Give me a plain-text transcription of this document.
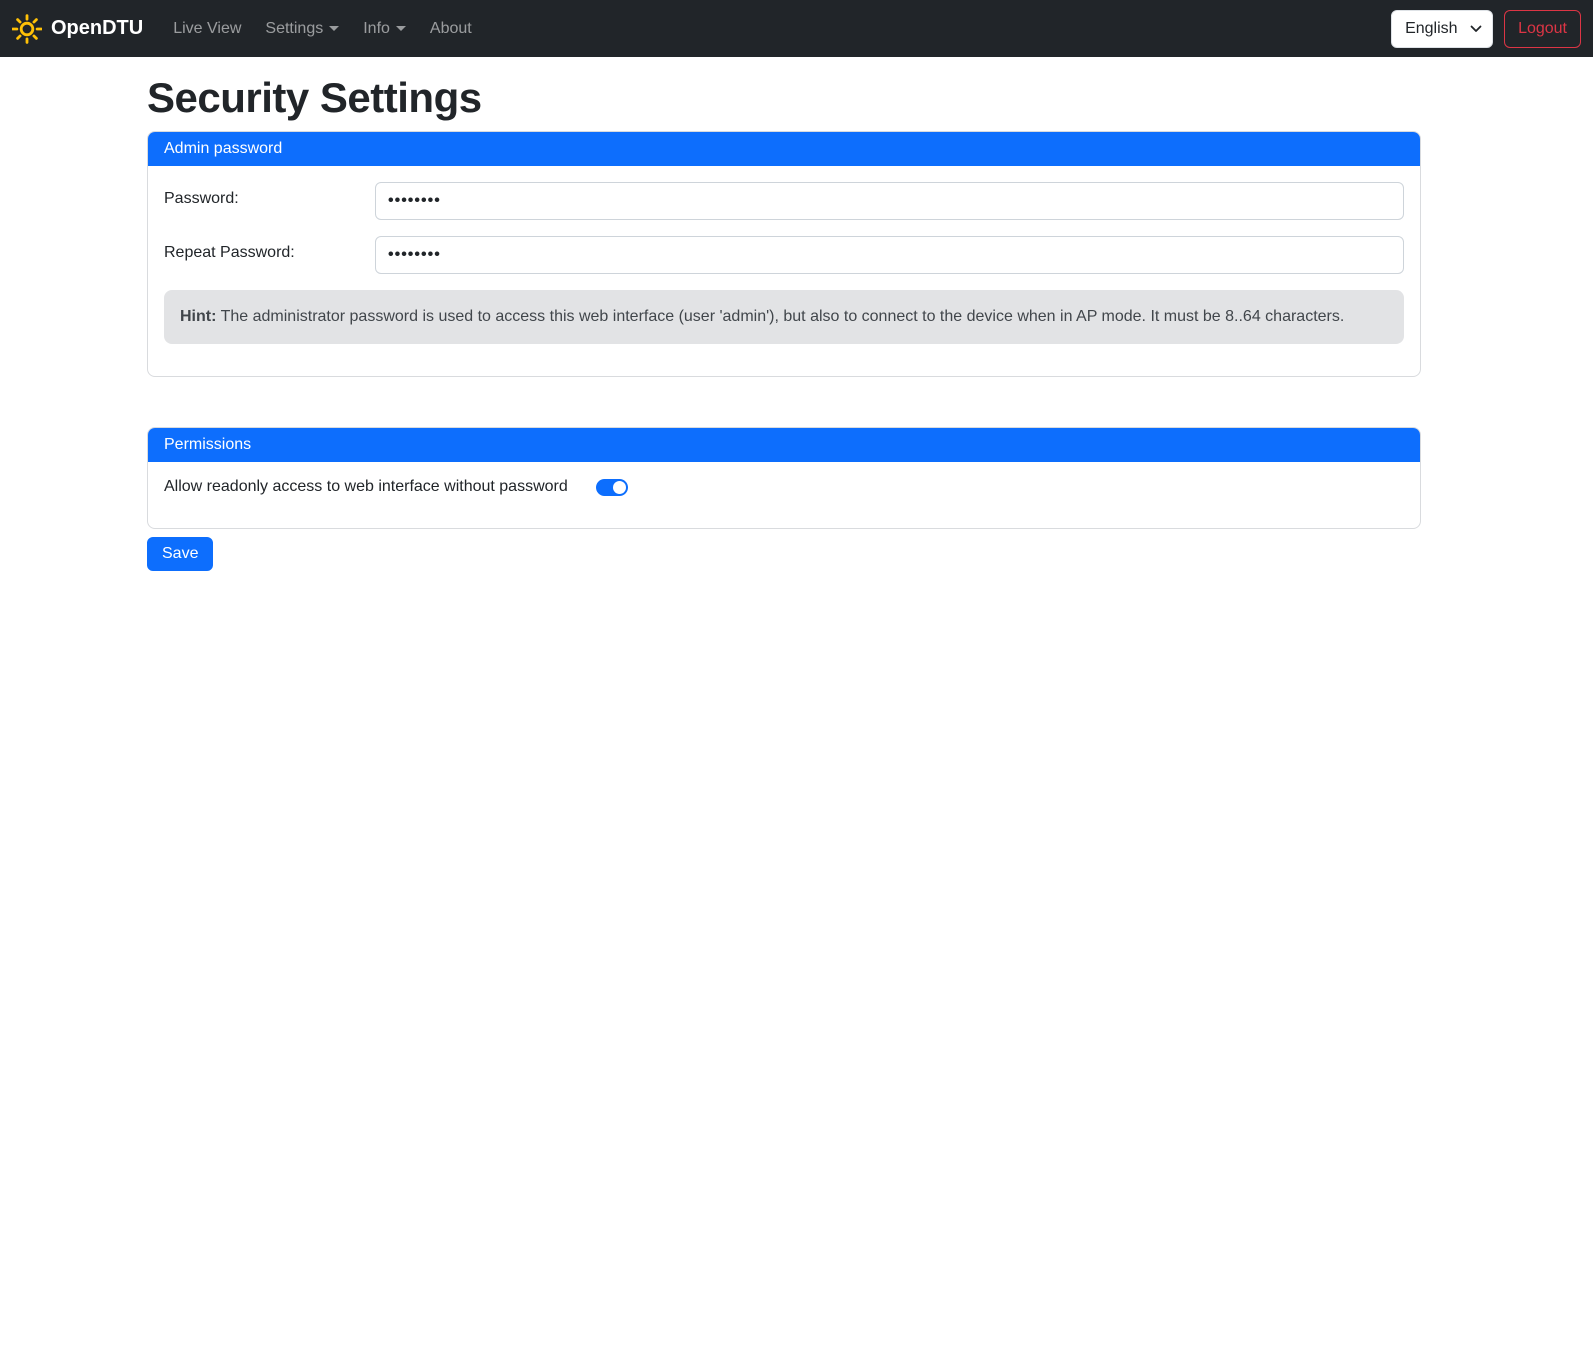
OpenDTU Live View Settings	Info	About
English	Logout
Security Settings
Admin password
Password:
••••••••
Repeat Password:
••••••••
Hint: The administrator password is used to access this web interface (user 'admin'), but also to connect to the device when in AP mode. It must be 8..64 characters.
Permissions
Allow readonly access to web interface without password
Save
